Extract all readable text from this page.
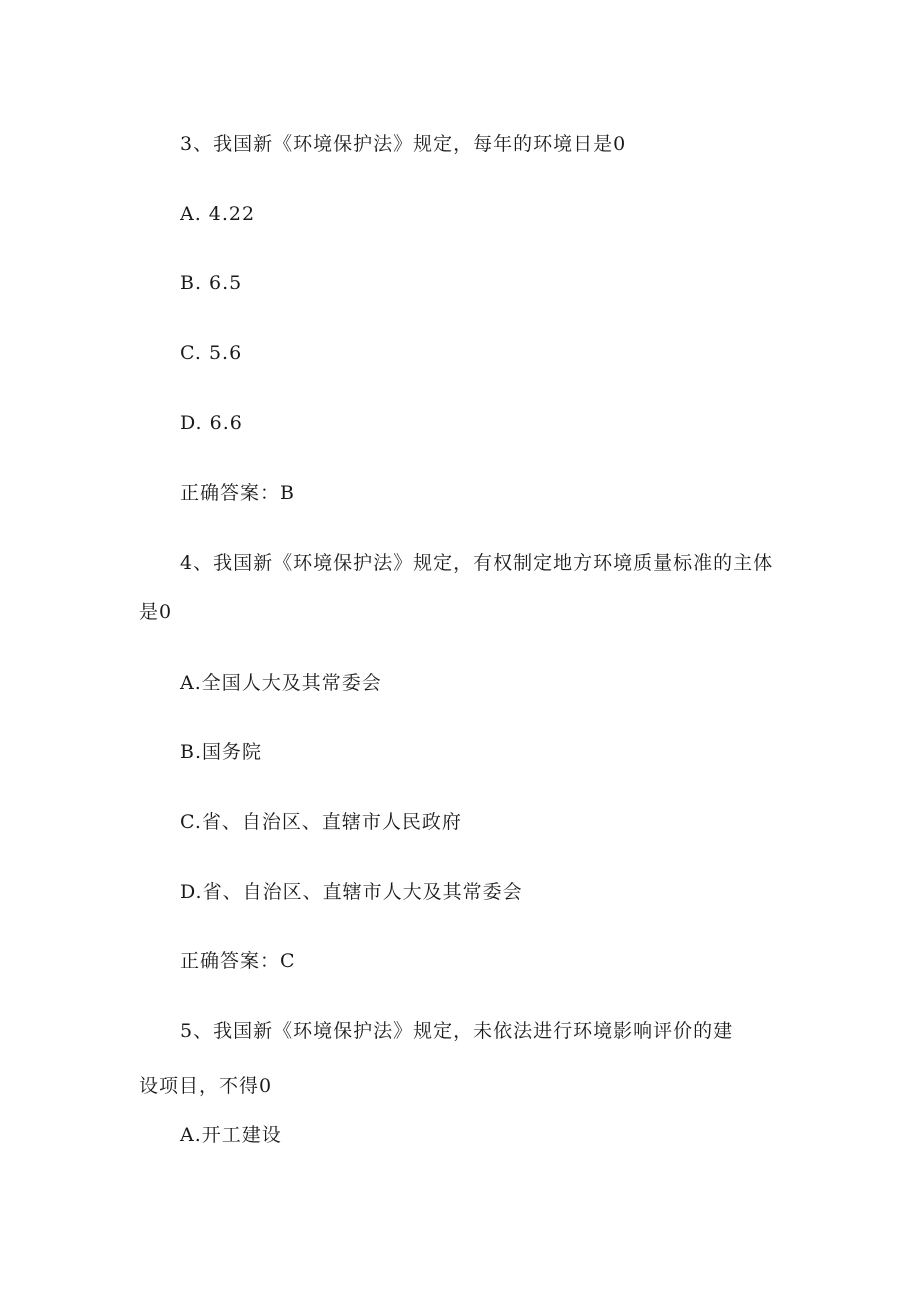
3、我国新《环境保护法》规定，每年的环境日是0
A. 4.22
B. 6.5
C. 5.6
D. 6.6
正确答案：B
4、我国新《环境保护法》规定，有权制定地方环境质量标准的主体
是0
A.全国人大及其常委会
B.国务院
C.省、自治区、直辖市人民政府
D.省、自治区、直辖市人大及其常委会
正确答案：C
5、我国新《环境保护法》规定，未依法进行环境影响评价的建
设项目，不得0
A.开工建设
